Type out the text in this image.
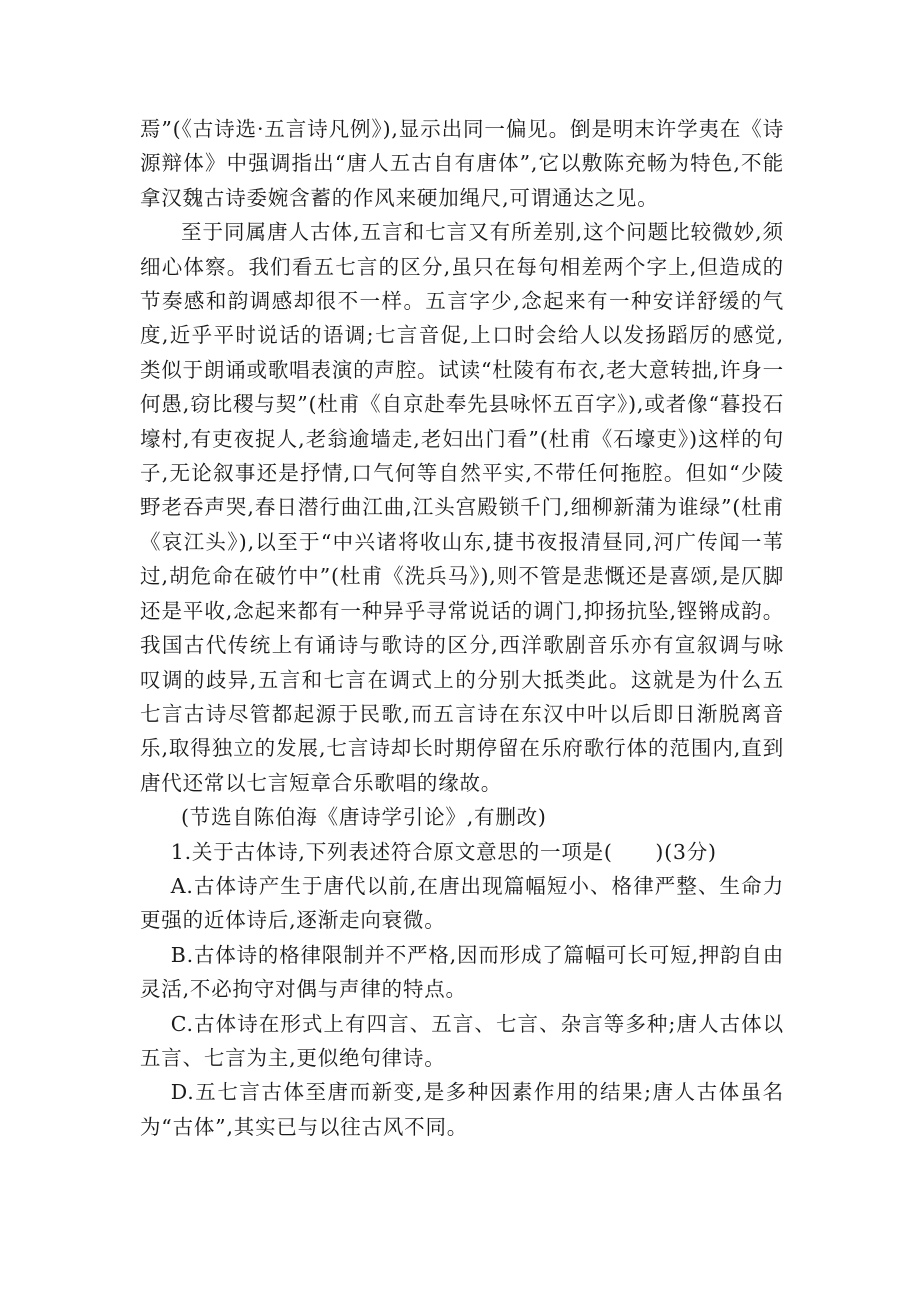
焉”(《古诗选·五言诗凡例》),显示出同一偏见。倒是明末许学夷在《诗源辩体》中强调指出“唐人五古自有唐体”,它以敷陈充畅为特色,不能拿汉魏古诗委婉含蓄的作风来硬加绳尺,可谓通达之见。

至于同属唐人古体,五言和七言又有所差别,这个问题比较微妙,须细心体察。我们看五七言的区分,虽只在每句相差两个字上,但造成的节奏感和韵调感却很不一样。五言字少,念起来有一种安详舒缓的气度,近乎平时说话的语调;七言音促,上口时会给人以发扬蹈厉的感觉,类似于朗诵或歌唱表演的声腔。试读“杜陵有布衣,老大意转拙,许身一何愚,窃比稷与契”(杜甫《自京赴奉先县咏怀五百字》),或者像“暮投石壕村,有吏夜捉人,老翁逾墙走,老妇出门看”(杜甫《石壕吏》)这样的句子,无论叙事还是抒情,口气何等自然平实,不带任何拖腔。但如“少陵野老吞声哭,春日潜行曲江曲,江头宫殿锁千门,细柳新蒲为谁绿”(杜甫《哀江头》),以至于“中兴诸将收山东,捷书夜报清昼同,河广传闻一苇过,胡危命在破竹中”(杜甫《洗兵马》),则不管是悲慨还是喜颂,是仄脚还是平收,念起来都有一种异乎寻常说话的调门,抑扬抗坠,铿锵成韵。我国古代传统上有诵诗与歌诗的区分,西洋歌剧音乐亦有宣叙调与咏叹调的歧异,五言和七言在调式上的分别大抵类此。这就是为什么五七言古诗尽管都起源于民歌,而五言诗在东汉中叶以后即日渐脱离音乐,取得独立的发展,七言诗却长时期停留在乐府歌行体的范围内,直到唐代还常以七言短章合乐歌唱的缘故。

(节选自陈伯海《唐诗学引论》,有删改)

1.关于古体诗,下列表述符合原文意思的一项是(　　)(3分)

A.古体诗产生于唐代以前,在唐出现篇幅短小、格律严整、生命力更强的近体诗后,逐渐走向衰微。

B.古体诗的格律限制并不严格,因而形成了篇幅可长可短,押韵自由灵活,不必拘守对偶与声律的特点。

C.古体诗在形式上有四言、五言、七言、杂言等多种;唐人古体以五言、七言为主,更似绝句律诗。

D.五七言古体至唐而新变,是多种因素作用的结果;唐人古体虽名为“古体”,其实已与以往古风不同。
